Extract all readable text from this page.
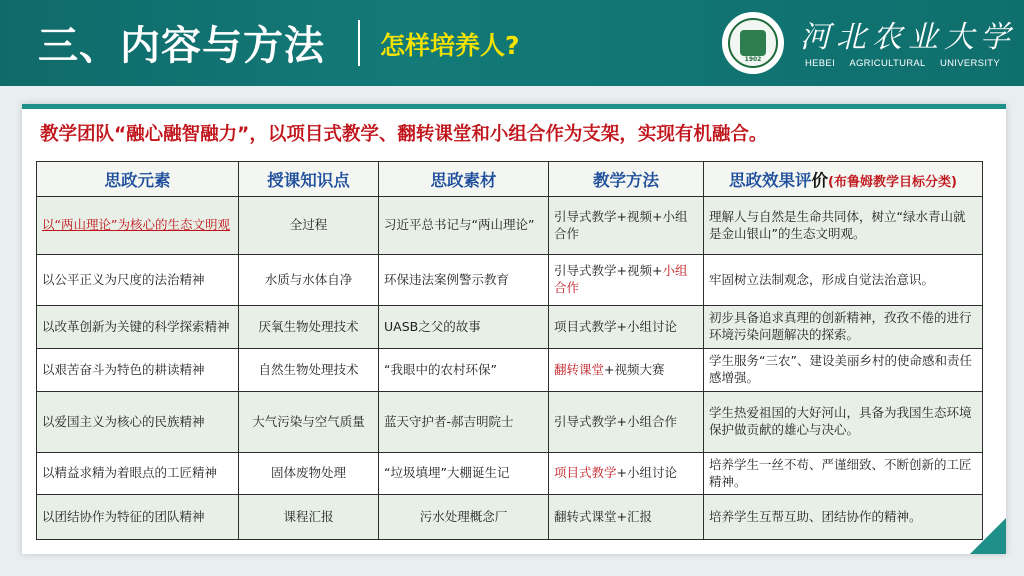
三、内容与方法 怎样培养人?	1902
河北农业大学
HEBEI AGRICULTURAL UNIVERSITY
教学团队“融心融智融力”，以项目式教学、翻转课堂和小组合作为支架，实现有机融合。
思政元素	授课知识点	思政素材	教学方法	思政效果评价(布鲁姆教学目标分类)
以“两山理论”为核心的生态文明观	全过程	习近平总书记与“两山理论”	引导式教学+视频+小组合作	理解人与自然是生命共同体，树立“绿水青山就是金山银山”的生态文明观。
以公平正义为尺度的法治精神	水质与水体自净	环保违法案例警示教育	引导式教学+视频+小组合作	牢固树立法制观念，形成自觉法治意识。
以改革创新为关键的科学探索精神	厌氧生物处理技术	UASB之父的故事	项目式教学+小组讨论	初步具备追求真理的创新精神，孜孜不倦的进行环境污染问题解决的探索。
以艰苦奋斗为特色的耕读精神	自然生物处理技术	“我眼中的农村环保”	翻转课堂+视频大赛	学生服务“三农”、建设美丽乡村的使命感和责任感增强。
以爱国主义为核心的民族精神	大气污染与空气质量	蓝天守护者-郝吉明院士	引导式教学+小组合作	学生热爱祖国的大好河山，具备为我国生态环境保护做贡献的雄心与决心。
以精益求精为着眼点的工匠精神	固体废物处理	“垃圾填埋”大棚诞生记	项目式教学+小组讨论	培养学生一丝不苟、严谨细致、不断创新的工匠精神。
以团结协作为特征的团队精神	课程汇报	污水处理概念厂	翻转式课堂+汇报	培养学生互帮互助、团结协作的精神。
